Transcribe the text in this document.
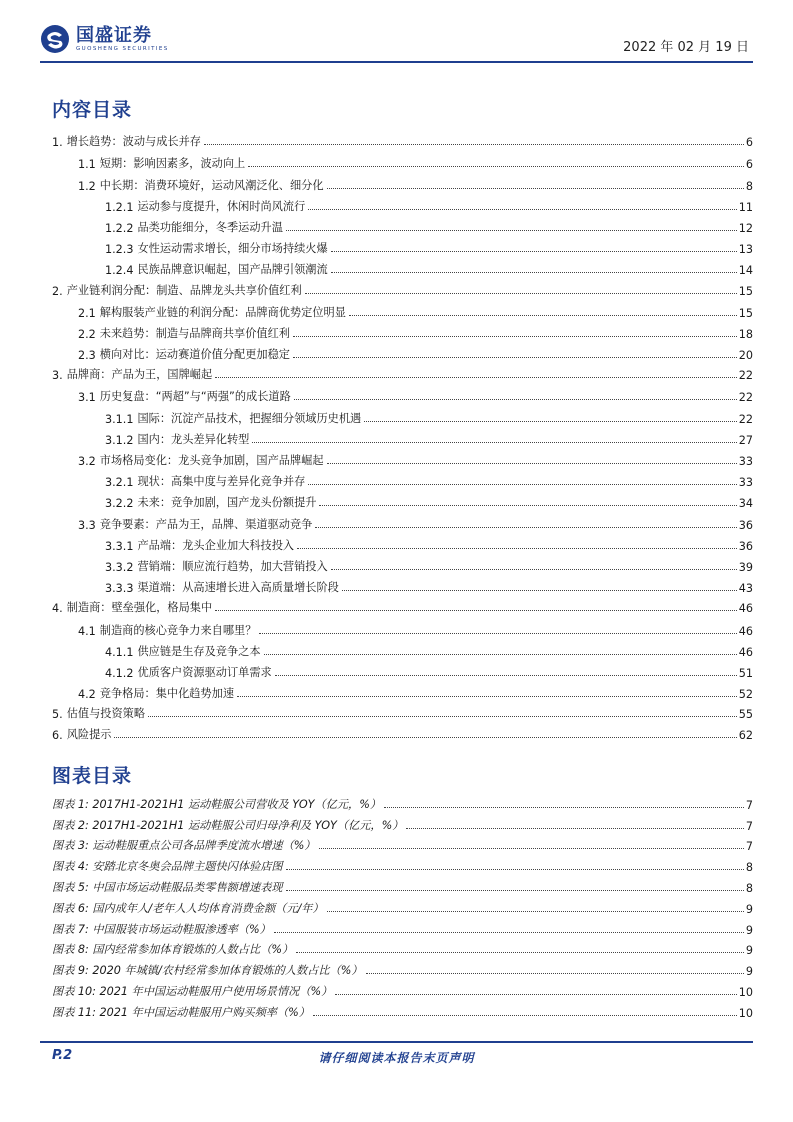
国盛证券
GUOSHENG SECURITIES	2022 年 02 月 19 日
内容目录
1. 增长趋势：波动与成长并存	6
1.1 短期：影响因素多，波动向上	6
1.2 中长期：消费环境好，运动风潮泛化、细分化	8
1.2.1 运动参与度提升，休闲时尚风流行	11
1.2.2 品类功能细分，冬季运动升温	12
1.2.3 女性运动需求增长，细分市场持续火爆	13
1.2.4 民族品牌意识崛起，国产品牌引领潮流	14
2. 产业链利润分配：制造、品牌龙头共享价值红利	15
2.1 解构服装产业链的利润分配：品牌商优势定位明显	15
2.2 未来趋势：制造与品牌商共享价值红利	18
2.3 横向对比：运动赛道价值分配更加稳定	20
3. 品牌商：产品为王，国牌崛起	22
3.1 历史复盘：“两超”与“两强”的成长道路	22
3.1.1 国际：沉淀产品技术，把握细分领域历史机遇	22
3.1.2 国内：龙头差异化转型	27
3.2 市场格局变化：龙头竞争加剧，国产品牌崛起	33
3.2.1 现状：高集中度与差异化竞争并存	33
3.2.2 未来：竞争加剧，国产龙头份额提升	34
3.3 竞争要素：产品为王，品牌、渠道驱动竞争	36
3.3.1 产品端：龙头企业加大科技投入	36
3.3.2 营销端：顺应流行趋势，加大营销投入	39
3.3.3 渠道端：从高速增长进入高质量增长阶段	43
4. 制造商：壁垒强化，格局集中	46
4.1 制造商的核心竞争力来自哪里？	46
4.1.1 供应链是生存及竞争之本	46
4.1.2 优质客户资源驱动订单需求	51
4.2 竞争格局：集中化趋势加速	52
5. 估值与投资策略	55
6. 风险提示	62
图表目录
图表 1: 2017H1-2021H1 运动鞋服公司营收及 YOY（亿元，%）	7
图表 2: 2017H1-2021H1 运动鞋服公司归母净利及 YOY（亿元，%）	7
图表 3: 运动鞋服重点公司各品牌季度流水增速（%）	7
图表 4: 安踏北京冬奥会品牌主题快闪体验店图	8
图表 5: 中国市场运动鞋服品类零售额增速表现	8
图表 6: 国内成年人/老年人人均体育消费金额（元/年）	9
图表 7: 中国服装市场运动鞋服渗透率（%）	9
图表 8: 国内经常参加体育锻炼的人数占比（%）	9
图表 9: 2020 年城镇/农村经常参加体育锻炼的人数占比（%）	9
图表 10: 2021 年中国运动鞋服用户使用场景情况（%）	10
图表 11: 2021 年中国运动鞋服用户购买频率（%）	10
P.2	请仔细阅读本报告末页声明
